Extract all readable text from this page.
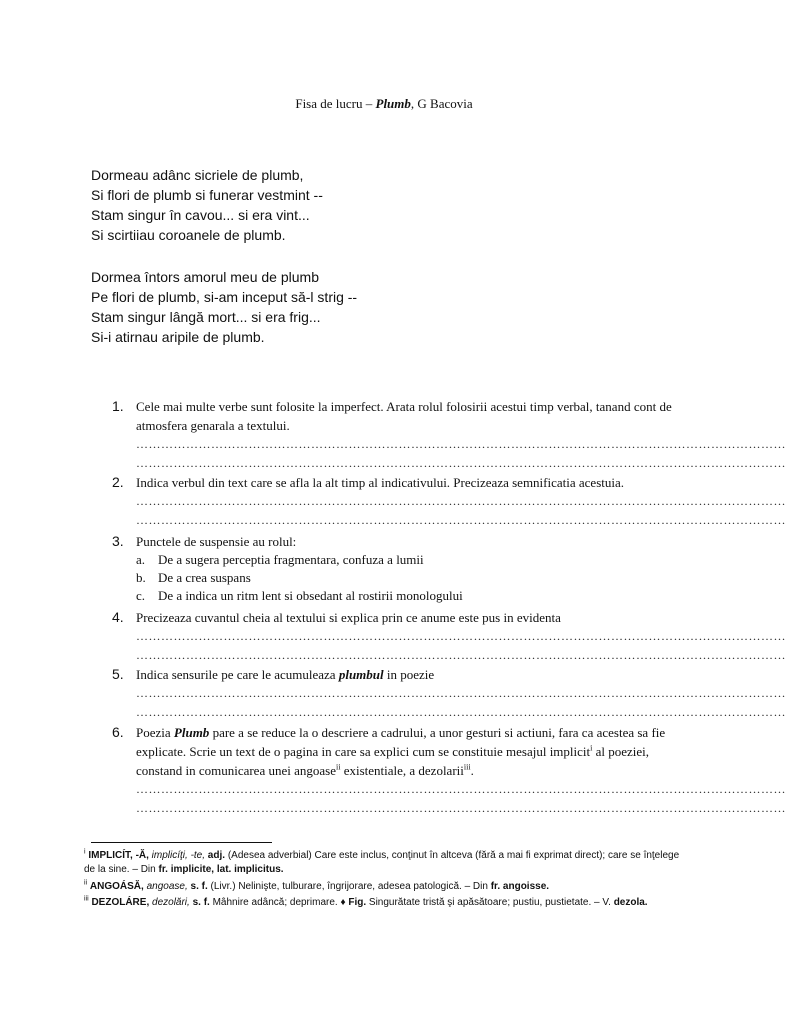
Fisa de lucru – Plumb, G Bacovia
Dormeau adânc sicriele de plumb,
Si flori de plumb si funerar vestmint --
Stam singur în cavou... si era vint...
Si scirtiiau coroanele de plumb.
Dormea întors amorul meu de plumb
Pe flori de plumb, si-am inceput să-l strig --
Stam singur lângă mort... si era frig...
Si-i atirnau aripile de plumb.
1. Cele mai multe verbe sunt folosite la imperfect. Arata rolul folosirii acestui timp verbal, tanand cont de atmosfera genarala a textului.
…………………………………………………………………………………………………………………………………………
…………………………………………………………………………………………………………………………………………
2. Indica verbul din text care se afla la alt timp al indicativului. Precizeaza semnificatia acestuia.
…………………………………………………………………………………………………………………………………………
…………………………………………………………………………………………………………………………………………
3. Punctele de suspensie au rolul:
a. De a sugera perceptia fragmentara, confuza a lumii
b. De a crea suspans
c. De a indica un ritm lent si obsedant al rostirii monologului
4. Precizeaza cuvantul cheia al textului si explica prin ce anume este pus in evidenta
…………………………………………………………………………………………………………………………………………
…………………………………………………………………………………………………………………………………………
5. Indica sensurile pe care le acumuleaza plumbul in poezie
…………………………………………………………………………………………………………………………………………
…………………………………………………………………………………………………………………………………………
6. Poezia Plumb pare a se reduce la o descriere a cadrului, a unor gesturi si actiuni, fara ca acestea sa fie explicate. Scrie un text de o pagina in care sa explici cum se constituie mesajul implicit$^i$ al poeziei, constand in comunicarea unei angoase$^{ii}$ existentiale, a dezolarii$^{iii}$.
…………………………………………………………………………………………………………………………………………
…………………………………………………………………………………………………………………………………………
$^i$ IMPLICÍT, -Ă, implicíţi, -te, adj. (Adesea adverbial) Care este inclus, conţinut în altceva (fără a mai fi exprimat direct); care se înţelege de la sine. – Din fr. implicite, lat. implicitus.
$^{ii}$ ANGOÁSĂ, angoase, s. f. (Livr.) Nelinişte, tulburare, îngrijorare, adesea patologică. – Din fr. angoisse.
$^{iii}$ DEZOLÁRE, dezolări, s. f. Mâhnire adâncă; deprimare. ♦ Fig. Singurătate tristă şi apăsătoare; pustiu, pustietate. – V. dezola.
